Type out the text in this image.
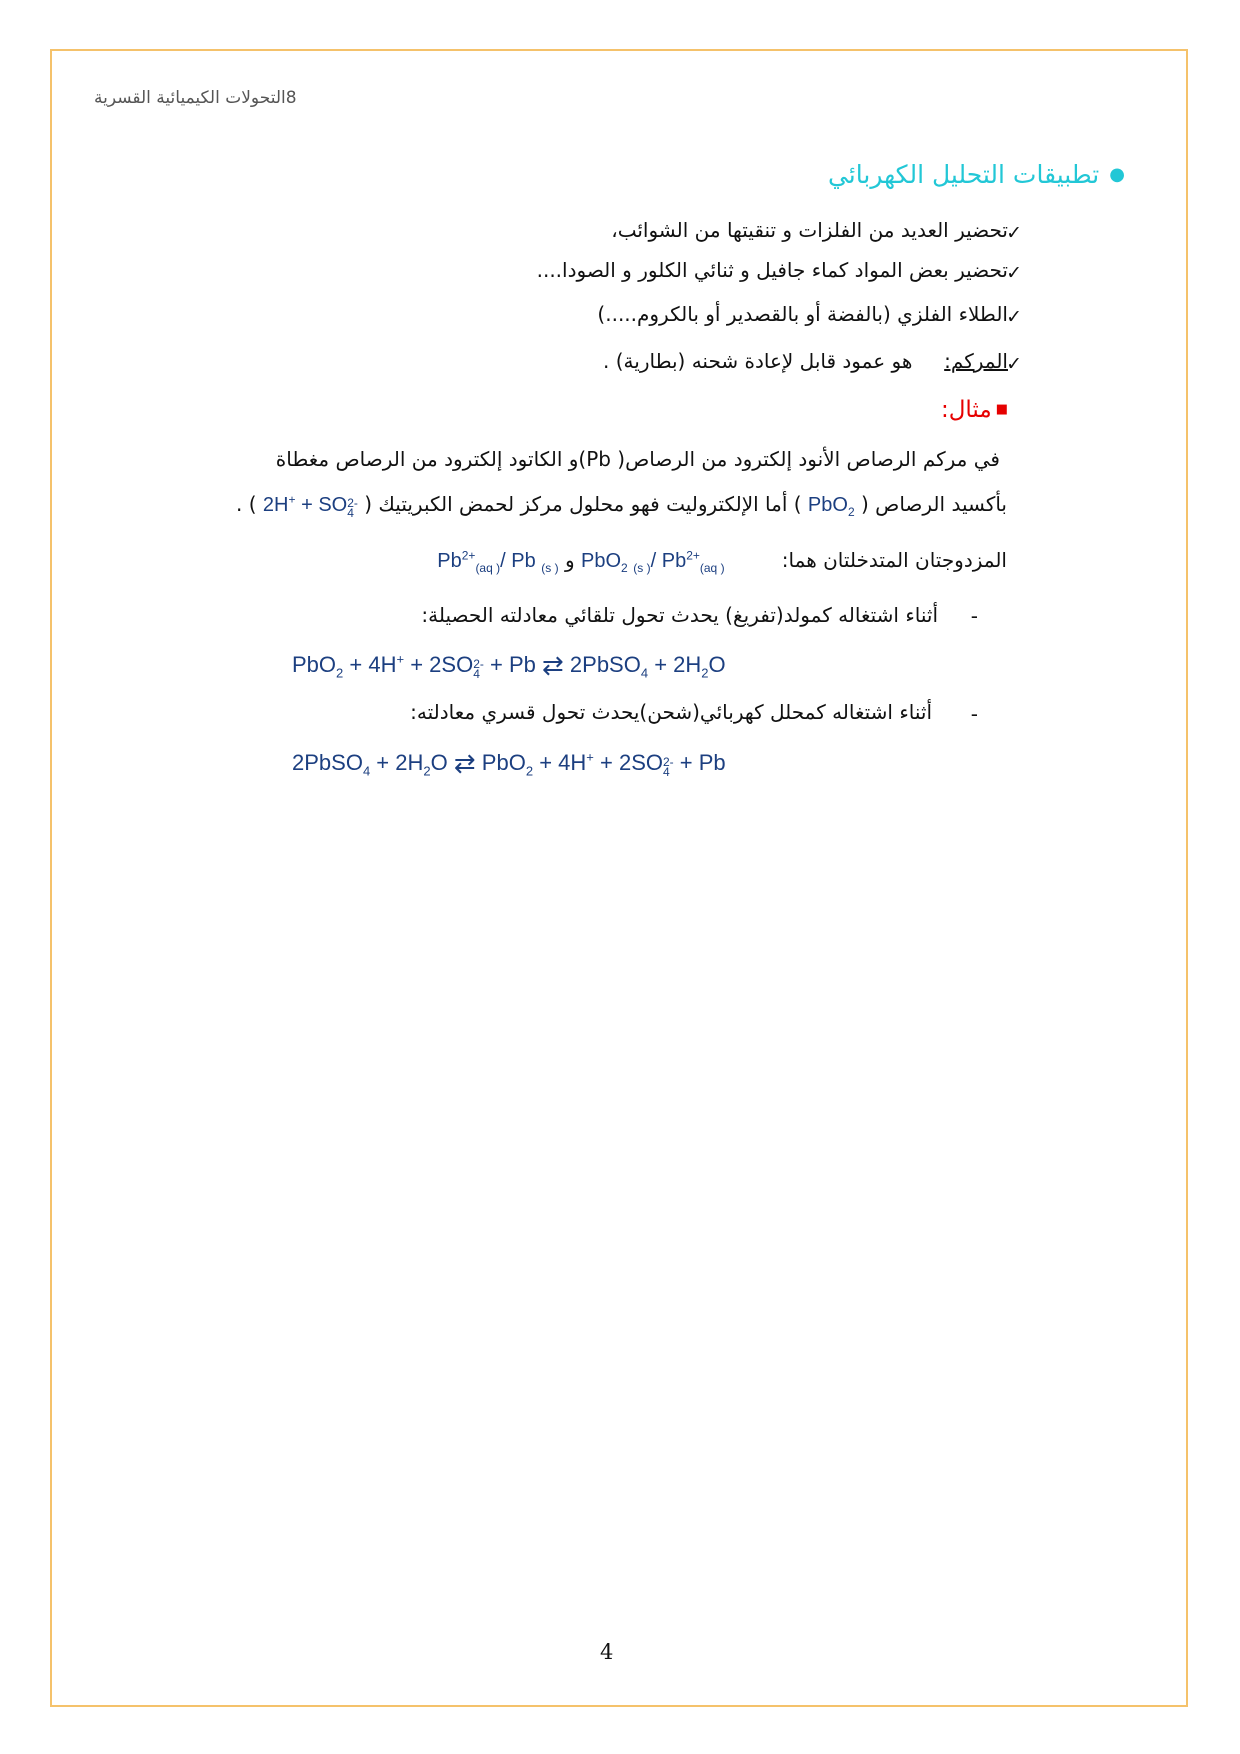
8التحولات الكيميائية القسرية
●تطبيقات التحليل الكهربائي
✓
تحضير العديد من الفلزات و تنقيتها من الشوائب،
✓
تحضير بعض المواد كماء جافيل و ثنائي الكلور و الصودا....
✓
الطلاء الفلزي (بالفضة أو بالقصدير أو بالكروم.....)
✓
المركم:     هو عمود قابل لإعادة شحنه (بطارية) .
■مثال:
في مركم الرصاص الأنود إلكترود من الرصاص( Pb)و الكاتود إلكترود من الرصاص مغطاة
بأكسيد الرصاص ( PbO$_2$ ) أما الإلكتروليت فهو محلول مركز لحمض الكبريتيك ( 2H+ + SO 2-
4
) .
المزدوجتان المتدخلتان هما:         PbO$_2$ $_{(s )}$/ $Pb^{2+}_{(aq )}$ و $Pb^{2+}_{(aq )}/$ Pb $_{(s )}$
-
أثناء اشتغاله كمولد(تفريغ) يحدث تحول تلقائي معادلته الحصيلة:
PbO$_2$ + 4H+ + 2SO 2-
4 + Pb ⇄ 2PbSO$_4$ + $2H_2O$
-
أثناء اشتغاله كمحلل كهربائي(شحن)يحدث تحول قسري معادلته:
2PbSO$_4$ + $2H_2O$ ⇄ PbO$_2$ + 4H+ + 2SO 2-
4 + Pb
4
